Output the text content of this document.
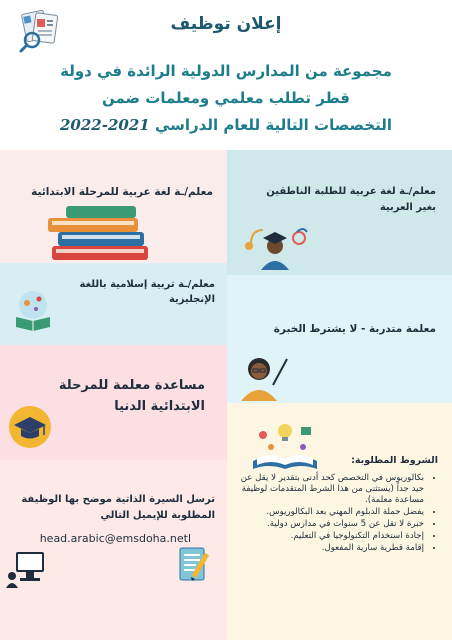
إعلان توظيف
مجموعة من المدارس الدولية الرائدة في دولة
قطر تطلب معلمي ومعلمات ضمن
التخصصات التالية للعام الدراسي 2021-2022
معلم/ـة لغة عربية للمرحلة الابتدائية	معلم/ـة لغة عربية للطلبة الناطقين بغير العربية
معلم/ـة تربية إسلامية باللغة الإنجليزية
معلمة متدربة - لا يشترط الخبرة
مساعدة معلمة للمرحلة الابتدائية الدنيا
الشروط المطلوبة:
• بكالوريوس في التخصص كحد أدنى بتقدير لا يقل عن جيد جداً (يستثنى من هذا الشرط المتقدمات لوظيفة مساعدة معلمة).
• يفضل حملة الدبلوم المهني بعد البكالوريوس.
• خبرة لا تقل عن 5 سنوات في مدارس دولية.
• إجادة استخدام التكنولوجيا في التعليم.
• إقامة قطرية سارية المفعول.
ترسل السيرة الذاتية موضح بها الوظيفة المطلوبة للإيميل التالي
head.arabic@emsdoha.netl
